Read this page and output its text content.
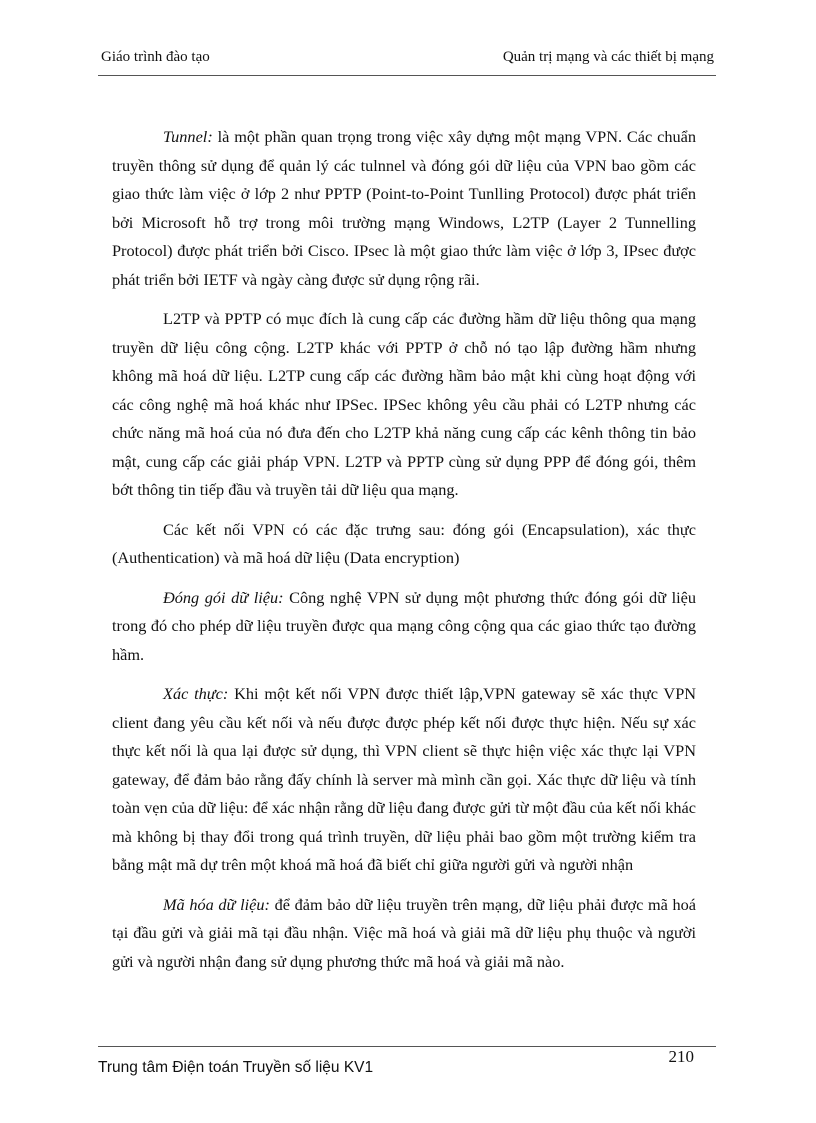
Giáo trình đào tạo	Quản trị mạng và các thiết bị mạng

Tunnel: là một phần quan trọng trong việc xây dựng một mạng VPN. Các chuẩn truyền thông sử dụng để quản lý các tulnnel và đóng gói dữ liệu của VPN bao gồm các giao thức làm việc ở lớp 2 như PPTP (Point-to-Point Tunlling Protocol) được phát triển bởi Microsoft hỗ trợ trong môi trường mạng Windows, L2TP (Layer 2 Tunnelling Protocol) được phát triển bởi Cisco. IPsec là một giao thức làm việc ở lớp 3, IPsec được phát triển bởi IETF và ngày càng được sử dụng rộng rãi.

L2TP và PPTP có mục đích là cung cấp các đường hầm dữ liệu thông qua mạng truyền dữ liệu công cộng. L2TP khác với PPTP ở chỗ nó tạo lập đường hầm nhưng không mã hoá dữ liệu. L2TP cung cấp các đường hầm bảo mật khi cùng hoạt động với các công nghệ mã hoá khác như IPSec. IPSec không yêu cầu phải có L2TP nhưng các chức năng mã hoá của nó đưa đến cho L2TP khả năng cung cấp các kênh thông tin bảo mật, cung cấp các giải pháp VPN. L2TP và PPTP cùng sử dụng PPP để đóng gói, thêm bớt thông tin tiếp đầu và truyền tải dữ liệu qua mạng.

Các kết nối VPN có các đặc trưng sau: đóng gói (Encapsulation), xác thực (Authentication) và mã hoá dữ liệu (Data encryption)

Đóng gói dữ liệu: Công nghệ VPN sử dụng một phương thức đóng gói dữ liệu trong đó cho phép dữ liệu truyền được qua mạng công cộng qua các giao thức tạo đường hầm.

Xác thực: Khi một kết nối VPN được thiết lập,VPN gateway sẽ xác thực VPN client đang yêu cầu kết nối và nếu được được phép kết nối được thực hiện. Nếu sự xác thực kết nối là qua lại được sử dụng, thì VPN client sẽ thực hiện việc xác thực lại VPN gateway, để đảm bảo rằng đấy chính là server mà mình cần gọi. Xác thực dữ liệu và tính toàn vẹn của dữ liệu: để xác nhận rằng dữ liệu đang được gửi từ một đầu của kết nối khác mà không bị thay đổi trong quá trình truyền, dữ liệu phải bao gồm một trường kiểm tra bằng mật mã dự trên một khoá mã hoá đã biết chỉ giữa người gửi và người nhận

Mã hóa dữ liệu: để đảm bảo dữ liệu truyền trên mạng, dữ liệu phải được mã hoá tại đầu gửi và giải mã tại đầu nhận. Việc mã hoá và giải mã dữ liệu phụ thuộc và người gửi và người nhận đang sử dụng phương thức mã hoá và giải mã nào.

Trung tâm Điện toán Truyền số liệu KV1
210
